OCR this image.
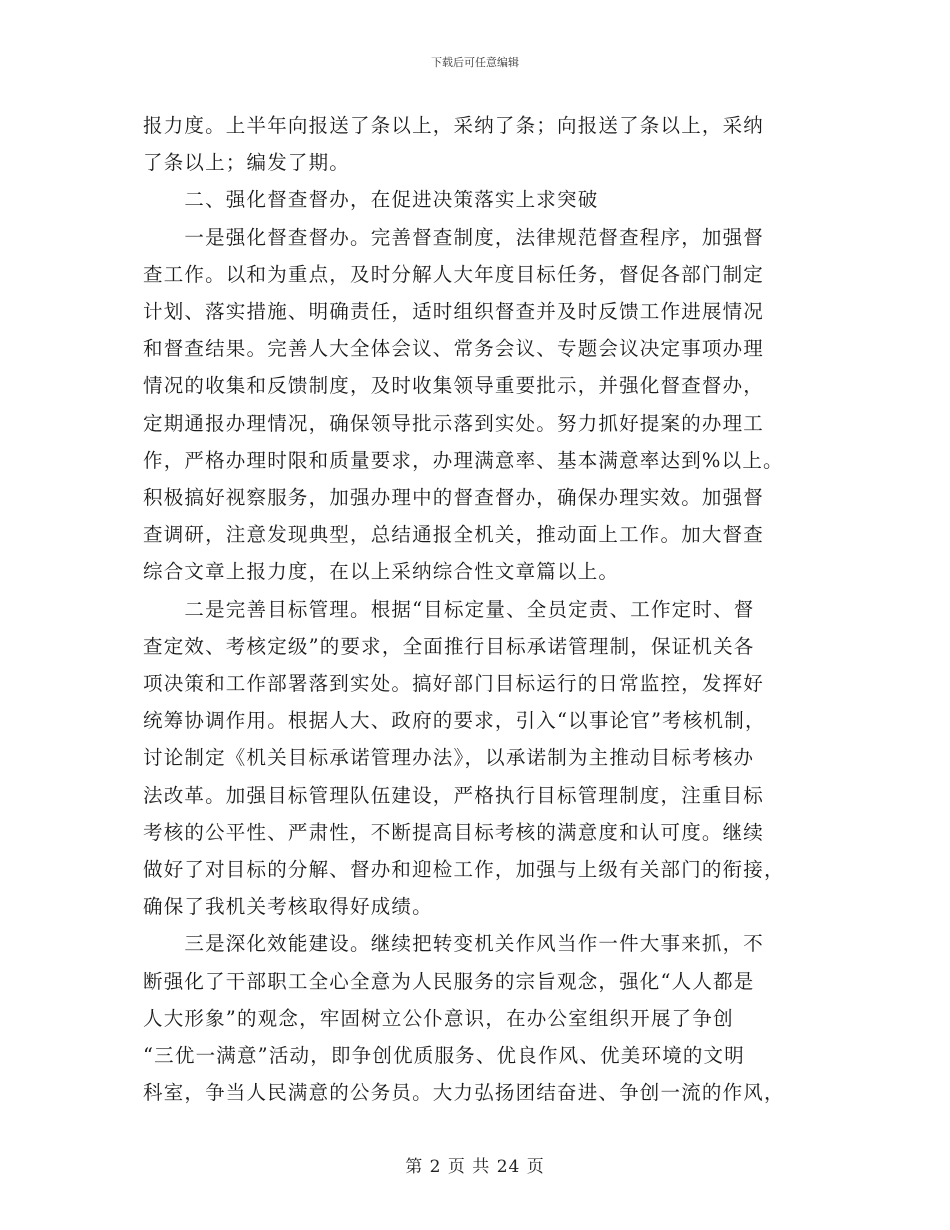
下载后可任意编辑
报力度。上半年向报送了条以上，采纳了条；向报送了条以上，采纳
了条以上；编发了期。
　　二、强化督查督办，在促进决策落实上求突破
　　一是强化督查督办。完善督查制度，法律规范督查程序，加强督
查工作。以和为重点，及时分解人大年度目标任务，督促各部门制定
计划、落实措施、明确责任，适时组织督查并及时反馈工作进展情况
和督查结果。完善人大全体会议、常务会议、专题会议决定事项办理
情况的收集和反馈制度，及时收集领导重要批示，并强化督查督办，
定期通报办理情况，确保领导批示落到实处。努力抓好提案的办理工
作，严格办理时限和质量要求，办理满意率、基本满意率达到%以上。
积极搞好视察服务，加强办理中的督查督办，确保办理实效。加强督
查调研，注意发现典型，总结通报全机关，推动面上工作。加大督查
综合文章上报力度，在以上采纳综合性文章篇以上。
　　二是完善目标管理。根据“目标定量、全员定责、工作定时、督
查定效、考核定级”的要求，全面推行目标承诺管理制，保证机关各
项决策和工作部署落到实处。搞好部门目标运行的日常监控，发挥好
统筹协调作用。根据人大、政府的要求，引入“以事论官”考核机制，
讨论制定《机关目标承诺管理办法》，以承诺制为主推动目标考核办
法改革。加强目标管理队伍建设，严格执行目标管理制度，注重目标
考核的公平性、严肃性，不断提高目标考核的满意度和认可度。继续
做好了对目标的分解、督办和迎检工作，加强与上级有关部门的衔接，
确保了我机关考核取得好成绩。
　　三是深化效能建设。继续把转变机关作风当作一件大事来抓，不
断强化了干部职工全心全意为人民服务的宗旨观念，强化“人人都是
人大形象”的观念，牢固树立公仆意识，在办公室组织开展了争创
“三优一满意”活动，即争创优质服务、优良作风、优美环境的文明
科室，争当人民满意的公务员。大力弘扬团结奋进、争创一流的作风，
第 2 页 共 24 页
